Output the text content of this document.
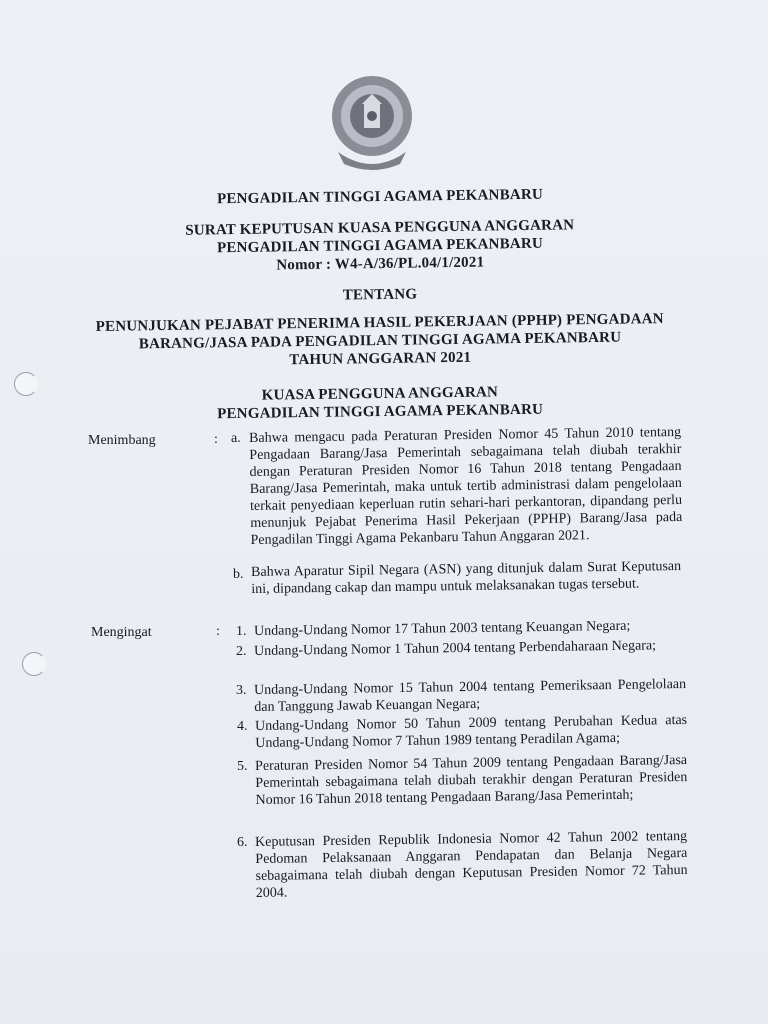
PENGADILAN TINGGI AGAMA PEKANBARU
SURAT KEPUTUSAN KUASA PENGGUNA ANGGARAN
PENGADILAN TINGGI AGAMA PEKANBARU
Nomor : W4-A/36/PL.04/1/2021
TENTANG
PENUNJUKAN PEJABAT PENERIMA HASIL PEKERJAAN (PPHP) PENGADAAN
BARANG/JASA PADA PENGADILAN TINGGI AGAMA PEKANBARU
TAHUN ANGGARAN 2021
KUASA PENGGUNA ANGGARAN
PENGADILAN TINGGI AGAMA PEKANBARU
Menimbang	: a. Bahwa mengacu pada Peraturan Presiden Nomor 45 Tahun 2010 tentang Pengadaan Barang/Jasa Pemerintah sebagaimana telah diubah terakhir dengan Peraturan Presiden Nomor 16 Tahun 2018 tentang Pengadaan Barang/Jasa Pemerintah, maka untuk tertib administrasi dalam pengelolaan terkait penyediaan keperluan rutin sehari-hari perkantoran, dipandang perlu menunjuk Pejabat Penerima Hasil Pekerjaan (PPHP) Barang/Jasa pada Pengadilan Tinggi Agama Pekanbaru Tahun Anggaran 2021.
b. Bahwa Aparatur Sipil Negara (ASN) yang ditunjuk dalam Surat Keputusan ini, dipandang cakap dan mampu untuk melaksanakan tugas tersebut.
Mengingat	: 1. Undang-Undang Nomor 17 Tahun 2003 tentang Keuangan Negara;
2. Undang-Undang Nomor 1 Tahun 2004 tentang Perbendaharaan Negara;
3. Undang-Undang Nomor 15 Tahun 2004 tentang Pemeriksaan Pengelolaan dan Tanggung Jawab Keuangan Negara;
4. Undang-Undang Nomor 50 Tahun 2009 tentang Perubahan Kedua atas Undang-Undang Nomor 7 Tahun 1989 tentang Peradilan Agama;
5. Peraturan Presiden Nomor 54 Tahun 2009 tentang Pengadaan Barang/Jasa Pemerintah sebagaimana telah diubah terakhir dengan Peraturan Presiden Nomor 16 Tahun 2018 tentang Pengadaan Barang/Jasa Pemerintah;
6. Keputusan Presiden Republik Indonesia Nomor 42 Tahun 2002 tentang Pedoman Pelaksanaan Anggaran Pendapatan dan Belanja Negara sebagaimana telah diubah dengan Keputusan Presiden Nomor 72 Tahun 2004.
